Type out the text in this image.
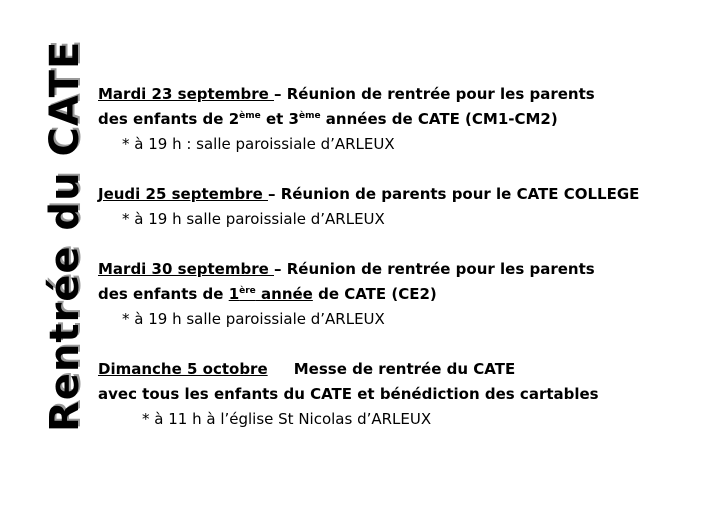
Rentrée du CATE Mardi 23 septembre – Réunion de rentrée pour les parents
des enfants de 2ème et 3ème années de CATE (CM1-CM2)
* à 19 h : salle paroissiale d’ARLEUX
Jeudi 25 septembre – Réunion de parents pour le CATE COLLEGE
* à 19 h salle paroissiale d’ARLEUX
Mardi 30 septembre – Réunion de rentrée pour les parents
des enfants de 1ère année de CATE (CE2)
* à 19 h salle paroissiale d’ARLEUX
Dimanche 5 octobre     Messe de rentrée du CATE
avec tous les enfants du CATE et bénédiction des cartables
* à 11 h à l’église St Nicolas d’ARLEUX
